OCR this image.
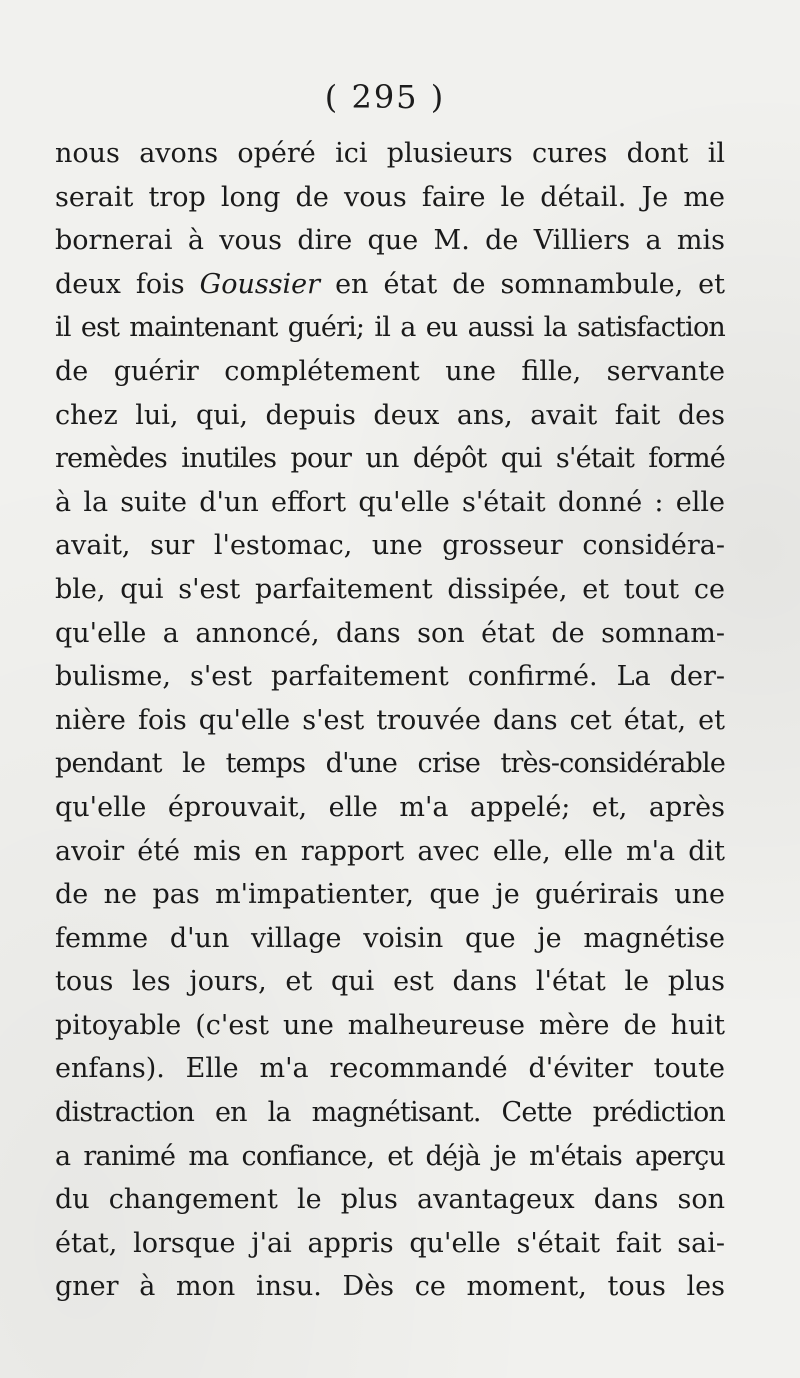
( 295 )
nous avons opéré ici plusieurs cures dont il
serait trop long de vous faire le détail. Je me
bornerai à vous dire que M. de Villiers a mis
deux fois Goussier en état de somnambule, et
il est maintenant guéri; il a eu aussi la satisfaction
de guérir complétement une fille, servante
chez lui, qui, depuis deux ans, avait fait des
remèdes inutiles pour un dépôt qui s'était formé
à la suite d'un effort qu'elle s'était donné : elle
avait, sur l'estomac, une grosseur considéra-
ble, qui s'est parfaitement dissipée, et tout ce
qu'elle a annoncé, dans son état de somnam-
bulisme, s'est parfaitement confirmé. La der-
nière fois qu'elle s'est trouvée dans cet état, et
pendant le temps d'une crise très-considérable
qu'elle éprouvait, elle m'a appelé; et, après
avoir été mis en rapport avec elle, elle m'a dit
de ne pas m'impatienter, que je guérirais une
femme d'un village voisin que je magnétise
tous les jours, et qui est dans l'état le plus
pitoyable (c'est une malheureuse mère de huit
enfans). Elle m'a recommandé d'éviter toute
distraction en la magnétisant. Cette prédiction
a ranimé ma confiance, et déjà je m'étais aperçu
du changement le plus avantageux dans son
état, lorsque j'ai appris qu'elle s'était fait sai-
gner à mon insu. Dès ce moment, tous les
